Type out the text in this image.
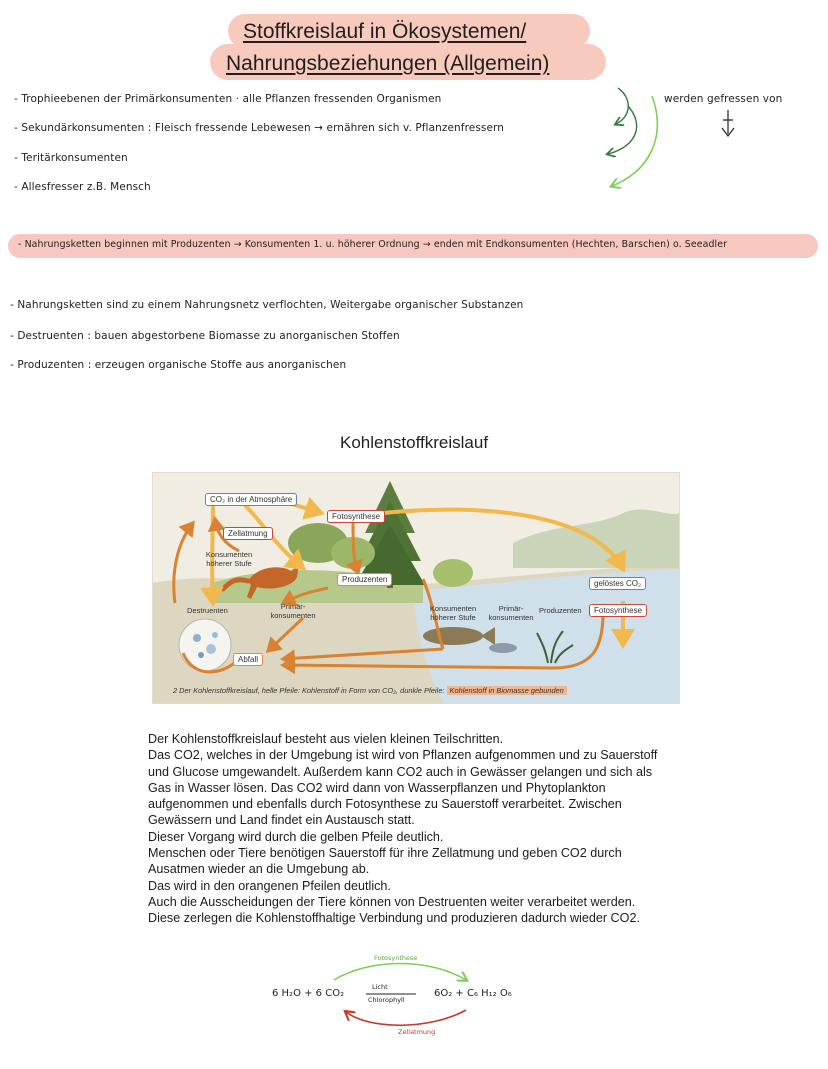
Stoffkreislauf in Ökosystemen/
Nahrungsbeziehungen (Allgemein)
- Trophieebenen der Primärkonsumenten · alle Pflanzen fressenden Organismen
- Sekundärkonsumenten : Fleisch fressende Lebewesen → ernähren sich v. Pflanzenfressern
- Teritärkonsumenten
- Allesfresser z.B. Mensch
werden gefressen von
- Nahrungsketten beginnen mit Produzenten → Konsumenten 1. u. höherer Ordnung → enden mit Endkonsumenten (Hechten, Barschen) o. Seeadler
- Nahrungsketten sind zu einem Nahrungsnetz verflochten, Weitergabe organischer Substanzen
- Destruenten : bauen abgestorbene Biomasse zu anorganischen Stoffen
- Produzenten : erzeugen organische Stoffe aus anorganischen
Kohlenstoffkreislauf
CO₂ in der Atmosphäre
Fotosynthese
Zellatmung
Konsumenten höherer Stufe
Produzenten
Destruenten	Primär-konsumenten
Abfall
Konsumenten höherer Stufe
Primär-konsumenten
Produzenten
gelöstes CO₂
Fotosynthese
2 Der Kohlenstoffkreislauf, helle Pfeile: Kohlenstoff in Form von CO₂, dunkle Pfeile: Kohlenstoff in Biomasse gebunden
Der Kohlenstoffkreislauf besteht aus vielen kleinen Teilschritten.
Das CO2, welches in der Umgebung ist wird von Pflanzen aufgenommen und zu Sauerstoff
und Glucose umgewandelt. Außerdem kann CO2 auch in Gewässer gelangen und sich als
Gas in Wasser lösen. Das CO2 wird dann von Wasserpflanzen und Phytoplankton
aufgenommen und ebenfalls durch Fotosynthese zu Sauerstoff verarbeitet. Zwischen
Gewässern und Land findet ein Austausch statt.
Dieser Vorgang wird durch die gelben Pfeile deutlich.
Menschen oder Tiere benötigen Sauerstoff für ihre Zellatmung und geben CO2 durch
Ausatmen wieder an die Umgebung ab.
Das wird in den orangenen Pfeilen deutlich.
Auch die Ausscheidungen der Tiere können von Destruenten weiter verarbeitet werden.
Diese zerlegen die Kohlenstoffhaltige Verbindung und produzieren dadurch wieder CO2.
Fotosynthese
6 H₂O + 6 CO₂
Licht
Chlorophyll
6O₂ + C₆ H₁₂ O₆
Zellatmung
